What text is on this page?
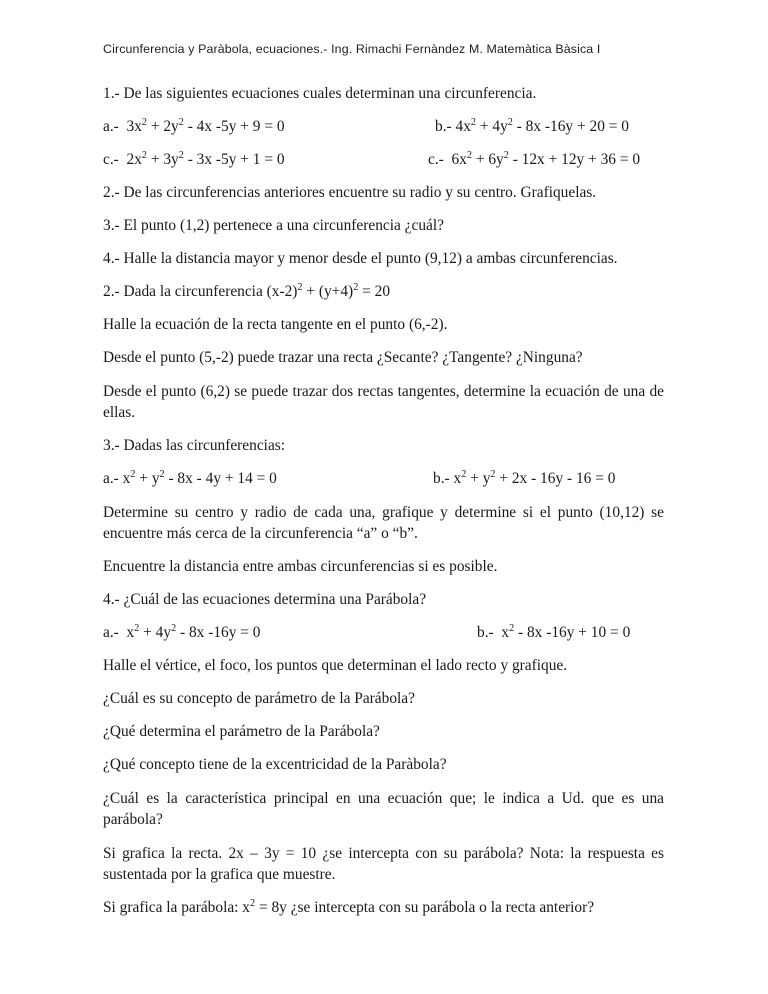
Circunferencia y Paràbola, ecuaciones.- Ing. Rimachi Fernàndez M. Matemàtica Bàsica I

1.- De las siguientes ecuaciones cuales determinan una circunferencia.

a.- $3x^2 + 2y^2 - 4x$ -5y + 9 = 0	b.- $4x^2 + 4y^2 - 8x$ -16y + 20 = 0
c.- $2x^2 + 3y^2 - 3x$ -5y + 1 = 0	c.- $6x^2 + 6y^2 - 12x + 12y + 36 = 0$

2.- De las circunferencias anteriores encuentre su radio y su centro. Grafiquelas.

3.- El punto (1,2) pertenece a una circunferencia ¿cuál?

4.- Halle la distancia mayor y menor desde el punto (9,12) a ambas circunferencias.

2.- Dada la circunferencia $(x-2)^2 + (y+4)^2 = 20$

Halle la ecuación de la recta tangente en el punto (6,-2).

Desde el punto (5,-2) puede trazar una recta ¿Secante? ¿Tangente? ¿Ninguna?

Desde el punto (6,2) se puede trazar dos rectas tangentes, determine la ecuación de una de ellas.

3.- Dadas las circunferencias:

a.- $x^2 + y^2 - 8x - 4y + 14 = 0$	b.- $x^2 + y^2 + 2x - 16y - 16 = 0$

Determine su centro y radio de cada una, grafique y determine si el punto (10,12) se encuentre más cerca de la circunferencia “a” o “b”.

Encuentre la distancia entre ambas circunferencias si es posible.

4.- ¿Cuál de las ecuaciones determina una Parábola?

a.- $x^2 + 4y^2 - 8x$ -16y = 0	b.- $x^2 - 8x$ -16y + 10 = 0

Halle el vértice, el foco, los puntos que determinan el lado recto y grafique.

¿Cuál es su concepto de parámetro de la Parábola?

¿Qué determina el parámetro de la Parábola?

¿Qué concepto tiene de la excentricidad de la Paràbola?

¿Cuál es la característica principal en una ecuación que; le indica a Ud. que es una parábola?

Si grafica la recta. 2x – 3y = 10 ¿se intercepta con su parábola? Nota: la respuesta es sustentada por la grafica que muestre.

Si grafica la parábola: $x^2 = 8y$ ¿se intercepta con su parábola o la recta anterior?
